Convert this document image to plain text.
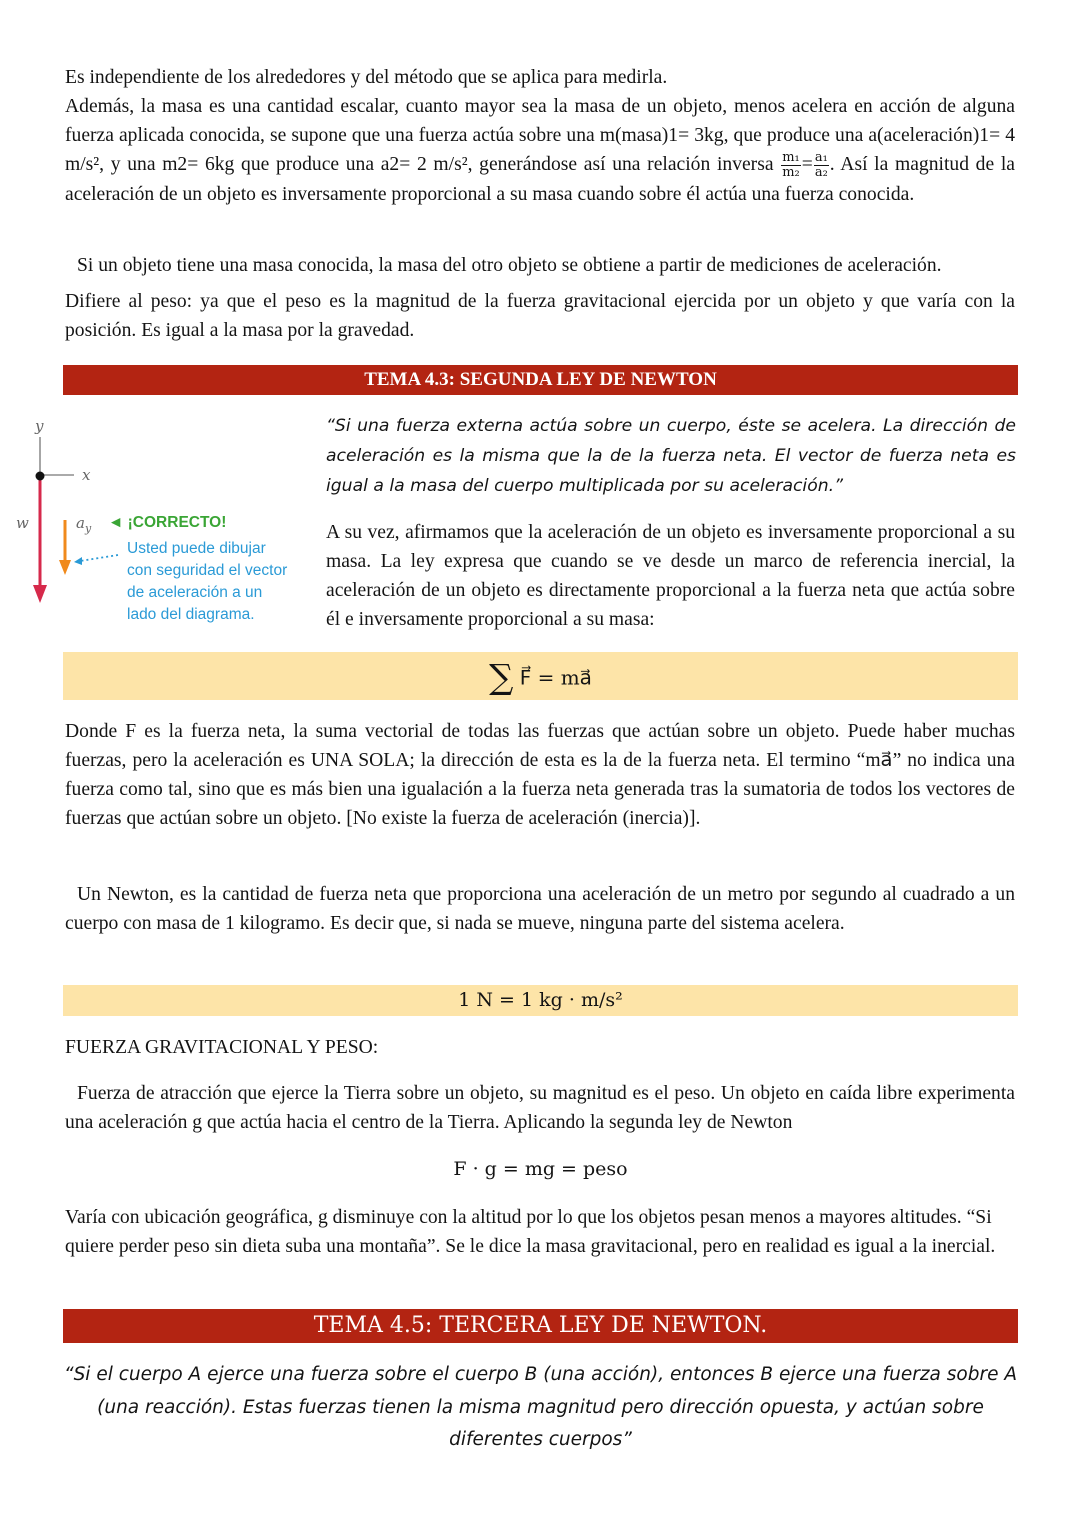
Es independiente de los alrededores y del método que se aplica para medirla.

Además, la masa es una cantidad escalar, cuanto mayor sea la masa de un objeto, menos acelera en acción de alguna fuerza aplicada conocida, se supone que una fuerza actúa sobre una m(masa)1= 3kg, que produce una a(aceleración)1= 4 m/s², y una m2= 6kg que produce una a2= 2 m/s², generándose así una relación inversa $\frac{\text{m₁}}{\text{m₂}} = \frac{\text{a₁}}{\text{a₂}}$ . Así la magnitud de la aceleración de un objeto es inversamente proporcional a su masa cuando sobre él actúa una fuerza conocida.

Si un objeto tiene una masa conocida, la masa del otro objeto se obtiene a partir de mediciones de aceleración.

Difiere al peso: ya que el peso es la magnitud de la fuerza gravitacional ejercida por un objeto y que varía con la posición. Es igual a la masa por la gravedad.

TEMA 4.3: SEGUNDA LEY DE NEWTON
y
x
w	$a_y$ ◄ ¡CORRECTO!
Usted puede dibujar
con seguridad el vector
de aceleración a un
lado del diagrama.
“Si una fuerza externa actúa sobre un cuerpo, éste se acelera. La dirección de aceleración es la misma que la de la fuerza neta. El vector de fuerza neta es igual a la masa del cuerpo multiplicada por su aceleración.”

A su vez, afirmamos que la aceleración de un objeto es inversamente proporcional a su masa. La ley expresa que cuando se ve desde un marco de referencia inercial, la aceleración de un objeto es directamente proporcional a la fuerza neta que actúa sobre él e inversamente proporcional a su masa:

∑ F⃗ = ma⃗

Donde F es la fuerza neta, la suma vectorial de todas las fuerzas que actúan sobre un objeto. Puede haber muchas fuerzas, pero la aceleración es UNA SOLA; la dirección de esta es la de la fuerza neta. El termino “ma⃗” no indica una fuerza como tal, sino que es más bien una igualación a la fuerza neta generada tras la sumatoria de todos los vectores de fuerzas que actúan sobre un objeto. [No existe la fuerza de aceleración (inercia)].

Un Newton, es la cantidad de fuerza neta que proporciona una aceleración de un metro por segundo al cuadrado a un cuerpo con masa de 1 kilogramo. Es decir que, si nada se mueve, ninguna parte del sistema acelera.

1 N = 1 kg · m/s²

FUERZA GRAVITACIONAL Y PESO:

Fuerza de atracción que ejerce la Tierra sobre un objeto, su magnitud es el peso. Un objeto en caída libre experimenta una aceleración g que actúa hacia el centro de la Tierra. Aplicando la segunda ley de Newton

F · g = mg = peso

Varía con ubicación geográfica, g disminuye con la altitud por lo que los objetos pesan menos a mayores altitudes. “Si quiere perder peso sin dieta suba una montaña”. Se le dice la masa gravitacional, pero en realidad es igual a la inercial.

TEMA 4.5: TERCERA LEY DE NEWTON.
“Si el cuerpo A ejerce una fuerza sobre el cuerpo B (una acción), entonces B ejerce una fuerza sobre A
(una reacción). Estas fuerzas tienen la misma magnitud pero dirección opuesta, y actúan sobre
diferentes cuerpos”
